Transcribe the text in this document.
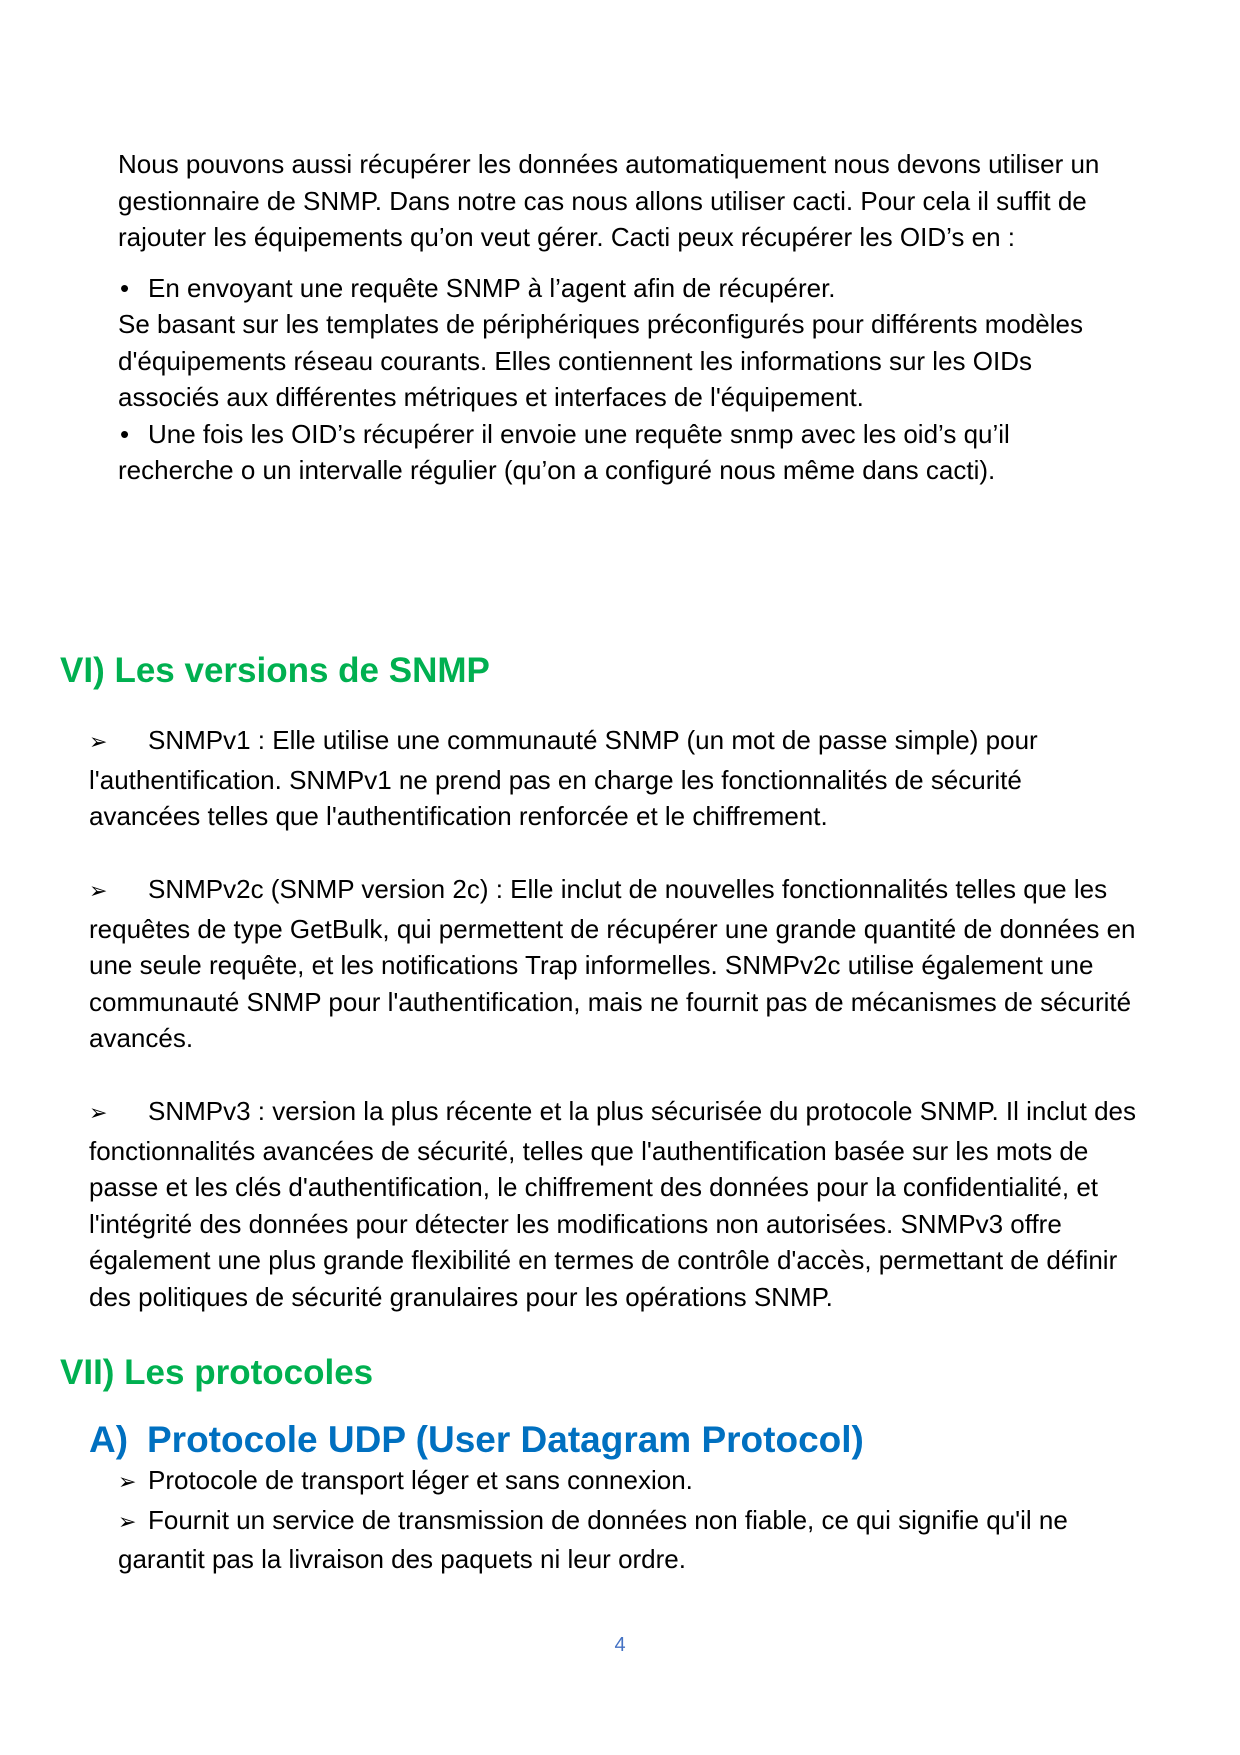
Nous pouvons aussi récupérer les données automatiquement nous devons utiliser un gestionnaire de SNMP. Dans notre cas nous allons utiliser cacti. Pour cela il suffit de rajouter les équipements qu’on veut gérer. Cacti peux récupérer les OID’s en :

• En envoyant une requête SNMP à l’agent afin de récupérer.

Se basant sur les templates de périphériques préconfigurés pour différents modèles d'équipements réseau courants. Elles contiennent les informations sur les OIDs associés aux différentes métriques et interfaces de l'équipement.

• Une fois les OID’s récupérer il envoie une requête snmp avec les oid’s qu’il recherche o un intervalle régulier (qu’on a configuré nous même dans cacti).
VI) Les versions de SNMP

➢ SNMPv1 : Elle utilise une communauté SNMP (un mot de passe simple) pour l'authentification. SNMPv1 ne prend pas en charge les fonctionnalités de sécurité avancées telles que l'authentification renforcée et le chiffrement.

➢ SNMPv2c (SNMP version 2c) : Elle inclut de nouvelles fonctionnalités telles que les requêtes de type GetBulk, qui permettent de récupérer une grande quantité de données en une seule requête, et les notifications Trap informelles. SNMPv2c utilise également une communauté SNMP pour l'authentification, mais ne fournit pas de mécanismes de sécurité avancés.

➢ SNMPv3 : version la plus récente et la plus sécurisée du protocole SNMP. Il inclut des fonctionnalités avancées de sécurité, telles que l'authentification basée sur les mots de passe et les clés d'authentification, le chiffrement des données pour la confidentialité, et l'intégrité des données pour détecter les modifications non autorisées. SNMPv3 offre également une plus grande flexibilité en termes de contrôle d'accès, permettant de définir des politiques de sécurité granulaires pour les opérations SNMP.

VII) Les protocoles
A) Protocole UDP (User Datagram Protocol)

➢ Protocole de transport léger et sans connexion.

➢ Fournit un service de transmission de données non fiable, ce qui signifie qu'il ne garantit pas la livraison des paquets ni leur ordre.

4
